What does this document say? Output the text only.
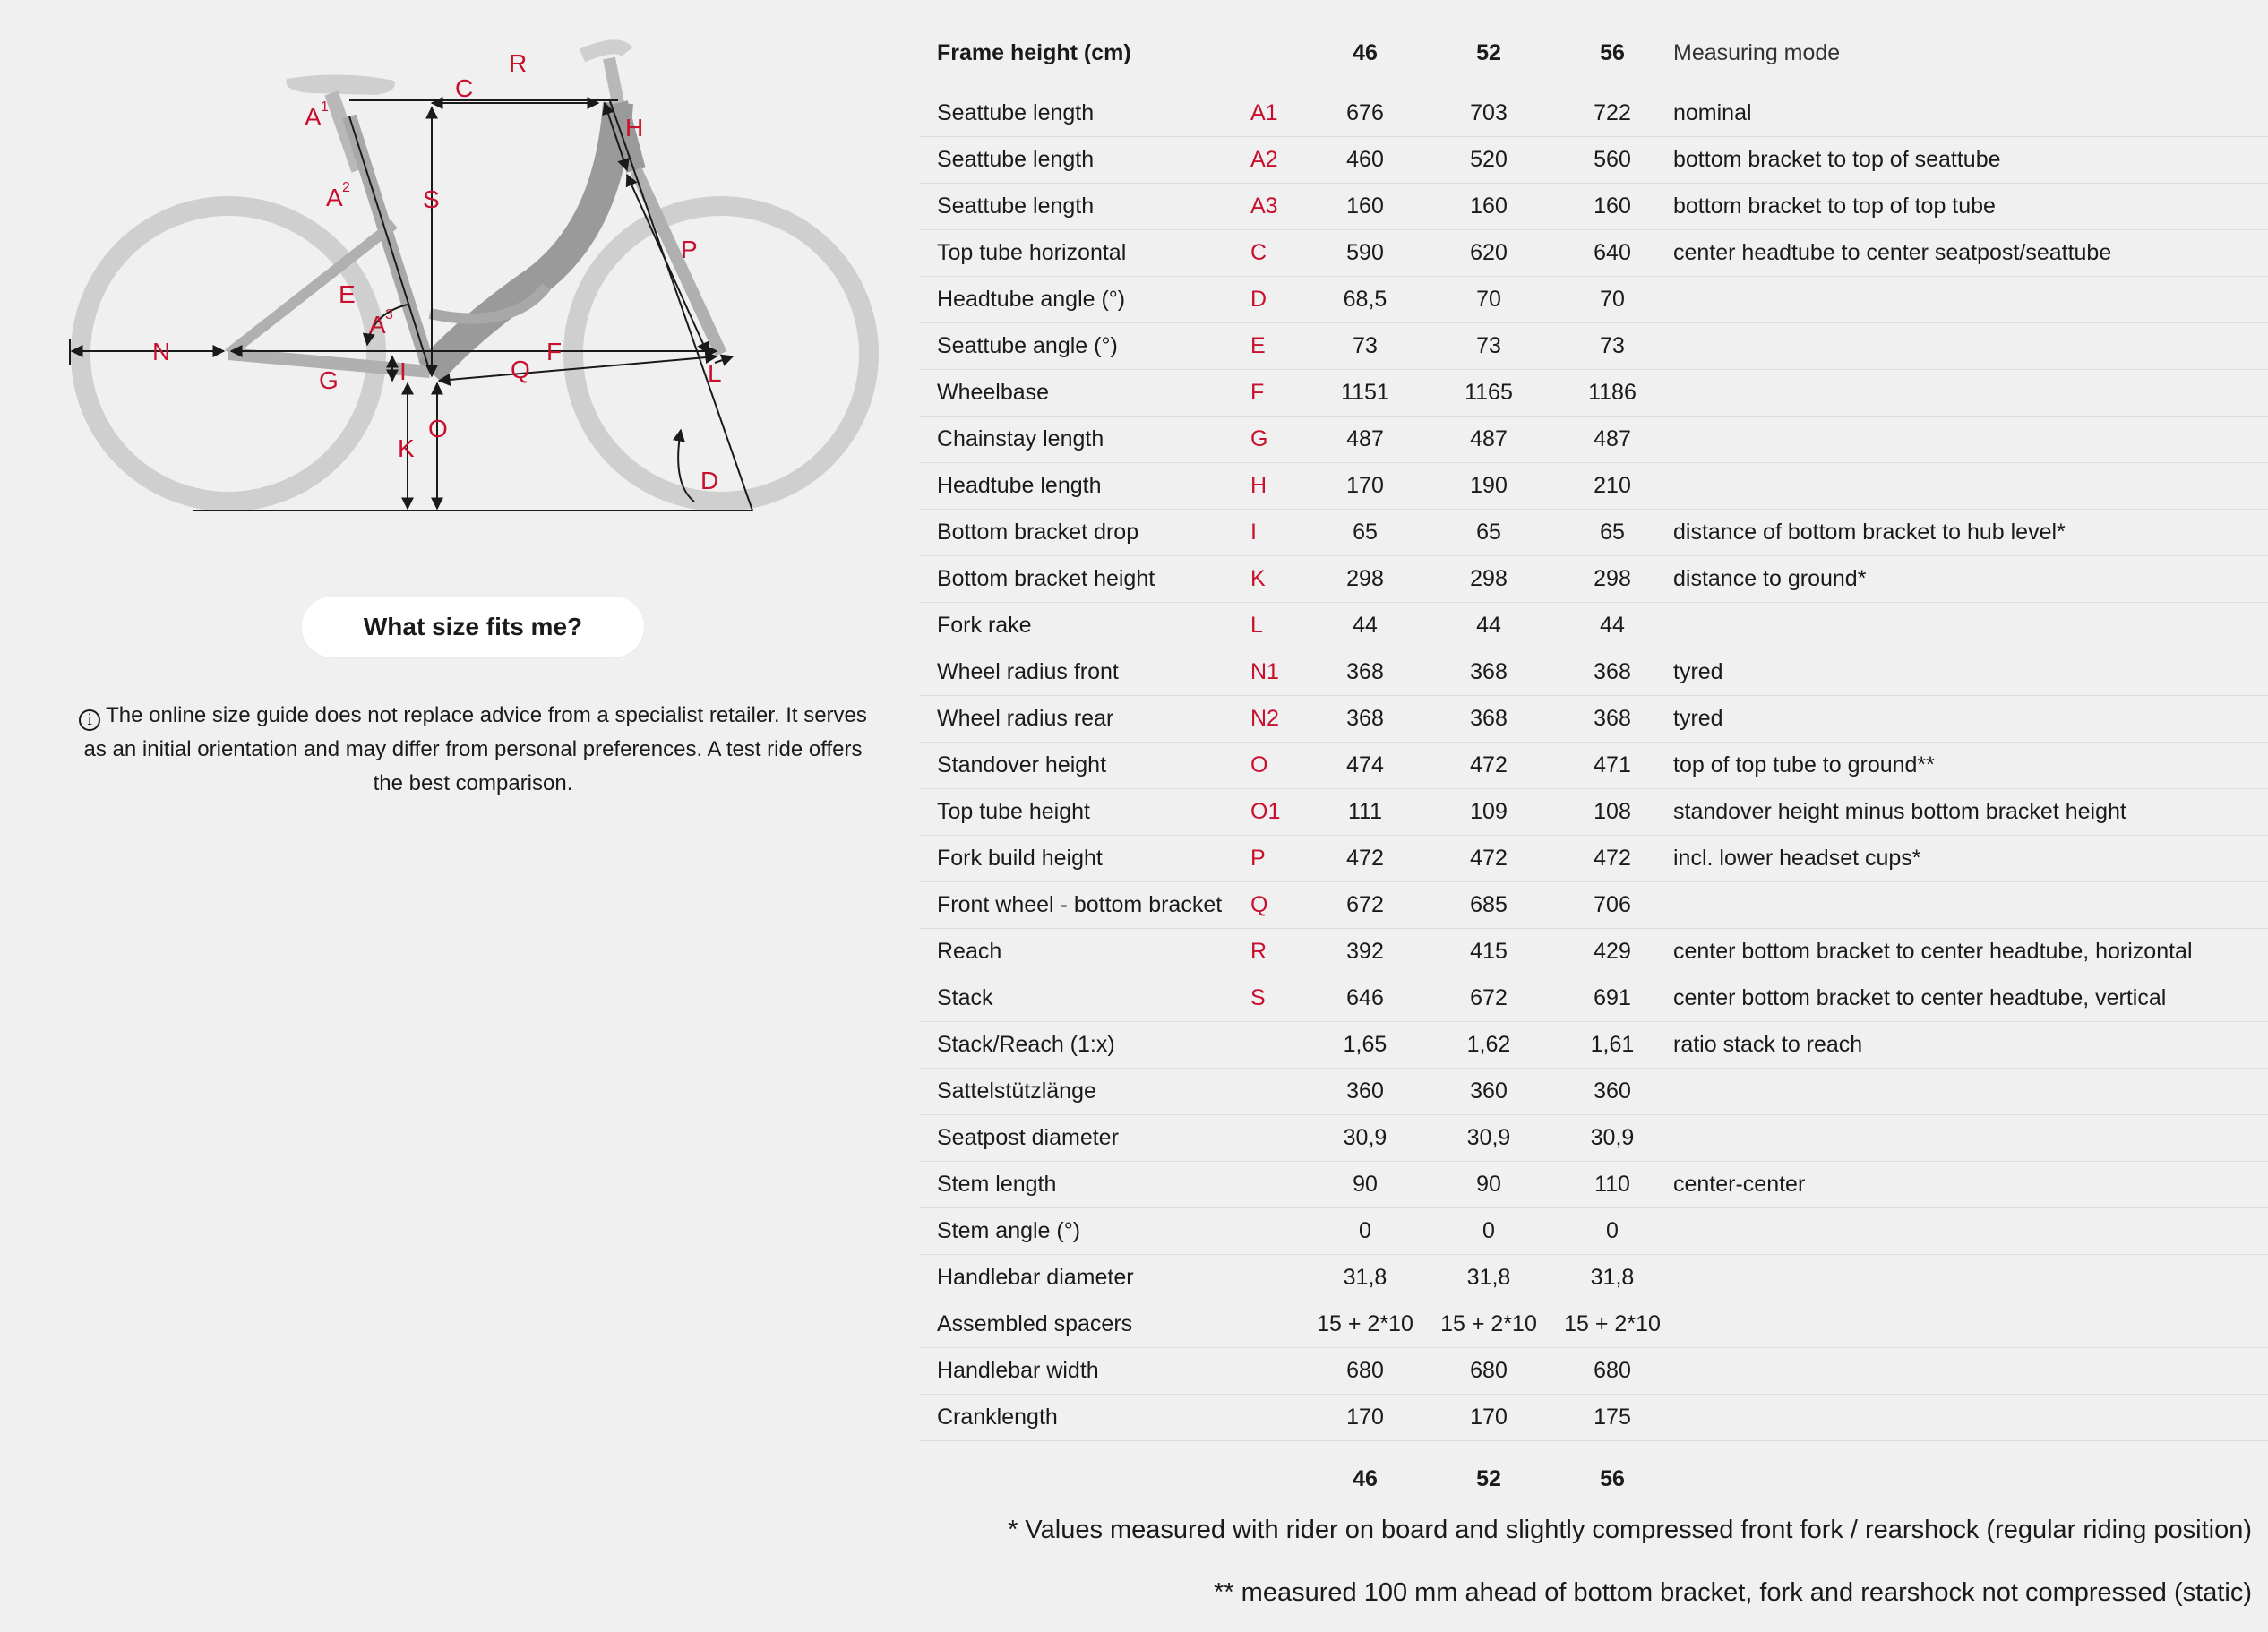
A 1
A 2
A 3
C
R
H
S
P
E
N	F
G I	Q	L
O
K
D
What size fits me?
i The online size guide does not replace advice from a specialist retailer. It serves as an initial orientation and may differ from personal preferences. A test ride offers the best comparison.
Frame height (cm)		46	52	56	Measuring mode

Seattube length	A1	676	703	722	nominal
Seattube length	A2	460	520	560	bottom bracket to top of seattube
Seattube length	A3	160	160	160	bottom bracket to top of top tube
Top tube horizontal	C	590	620	640	center headtube to center seatpost/seattube
Headtube angle (°)	D	68,5	70	70	
Seattube angle (°)	E	73	73	73	
Wheelbase	F	1151	1165	1186	
Chainstay length	G	487	487	487	
Headtube length	H	170	190	210	
Bottom bracket drop	I	65	65	65	distance of bottom bracket to hub level*
Bottom bracket height	K	298	298	298	distance to ground*
Fork rake	L	44	44	44	
Wheel radius front	N1	368	368	368	tyred
Wheel radius rear	N2	368	368	368	tyred
Standover height	O	474	472	471	top of top tube to ground**
Top tube height	O1	111	109	108	standover height minus bottom bracket height
Fork build height	P	472	472	472	incl. lower headset cups*
Front wheel - bottom bracket	Q	672	685	706	
Reach	R	392	415	429	center bottom bracket to center headtube, horizontal
Stack	S	646	672	691	center bottom bracket to center headtube, vertical
Stack/Reach (1:x)		1,65	1,62	1,61	ratio stack to reach
Sattelstützlänge		360	360	360	
Seatpost diameter		30,9	30,9	30,9	
Stem length		90	90	110	center-center
Stem angle (°)		0	0	0	
Handlebar diameter		31,8	31,8	31,8	
Assembled spacers		15 + 2*10	15 + 2*10	15 + 2*10	
Handlebar width		680	680	680	
Cranklength		170	170	175	
		46	52	56	
* Values measured with rider on board and slightly compressed front fork / rearshock (regular riding position)
** measured 100 mm ahead of bottom bracket, fork and rearshock not compressed (static)
